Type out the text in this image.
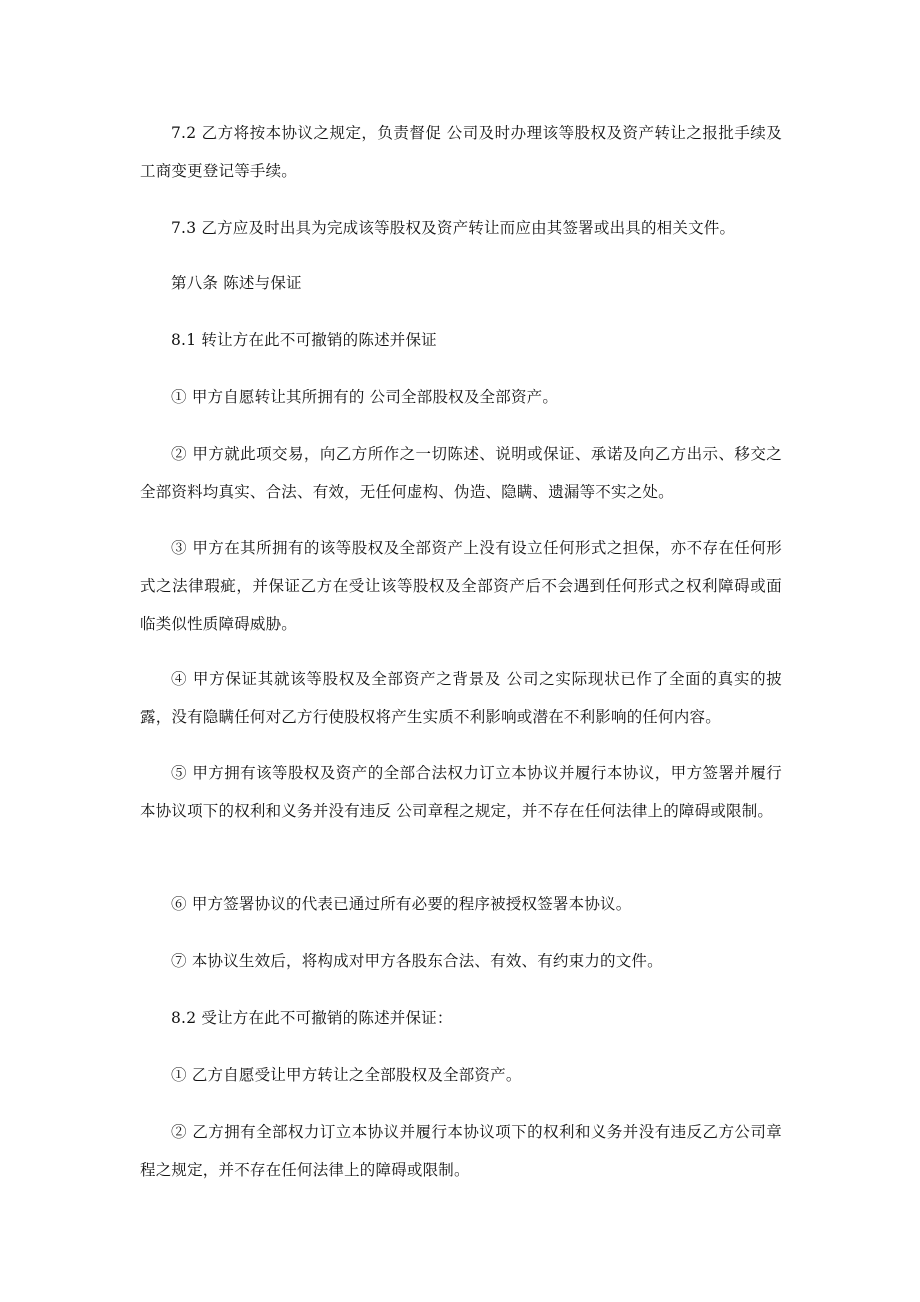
7.2 乙方将按本协议之规定，负责督促 公司及时办理该等股权及资产转让之报批手续及工商变更登记等手续。

7.3 乙方应及时出具为完成该等股权及资产转让而应由其签署或出具的相关文件。

第八条 陈述与保证

8.1 转让方在此不可撤销的陈述并保证

① 甲方自愿转让其所拥有的 公司全部股权及全部资产。

② 甲方就此项交易，向乙方所作之一切陈述、说明或保证、承诺及向乙方出示、移交之全部资料均真实、合法、有效，无任何虚构、伪造、隐瞒、遗漏等不实之处。

③ 甲方在其所拥有的该等股权及全部资产上没有设立任何形式之担保，亦不存在任何形式之法律瑕疵，并保证乙方在受让该等股权及全部资产后不会遇到任何形式之权利障碍或面临类似性质障碍威胁。

④ 甲方保证其就该等股权及全部资产之背景及 公司之实际现状已作了全面的真实的披露，没有隐瞒任何对乙方行使股权将产生实质不利影响或潜在不利影响的任何内容。

⑤ 甲方拥有该等股权及资产的全部合法权力订立本协议并履行本协议，甲方签署并履行本协议项下的权利和义务并没有违反 公司章程之规定，并不存在任何法律上的障碍或限制。

⑥ 甲方签署协议的代表已通过所有必要的程序被授权签署本协议。

⑦ 本协议生效后，将构成对甲方各股东合法、有效、有约束力的文件。

8.2 受让方在此不可撤销的陈述并保证：

① 乙方自愿受让甲方转让之全部股权及全部资产。

② 乙方拥有全部权力订立本协议并履行本协议项下的权利和义务并没有违反乙方公司章程之规定，并不存在任何法律上的障碍或限制。
